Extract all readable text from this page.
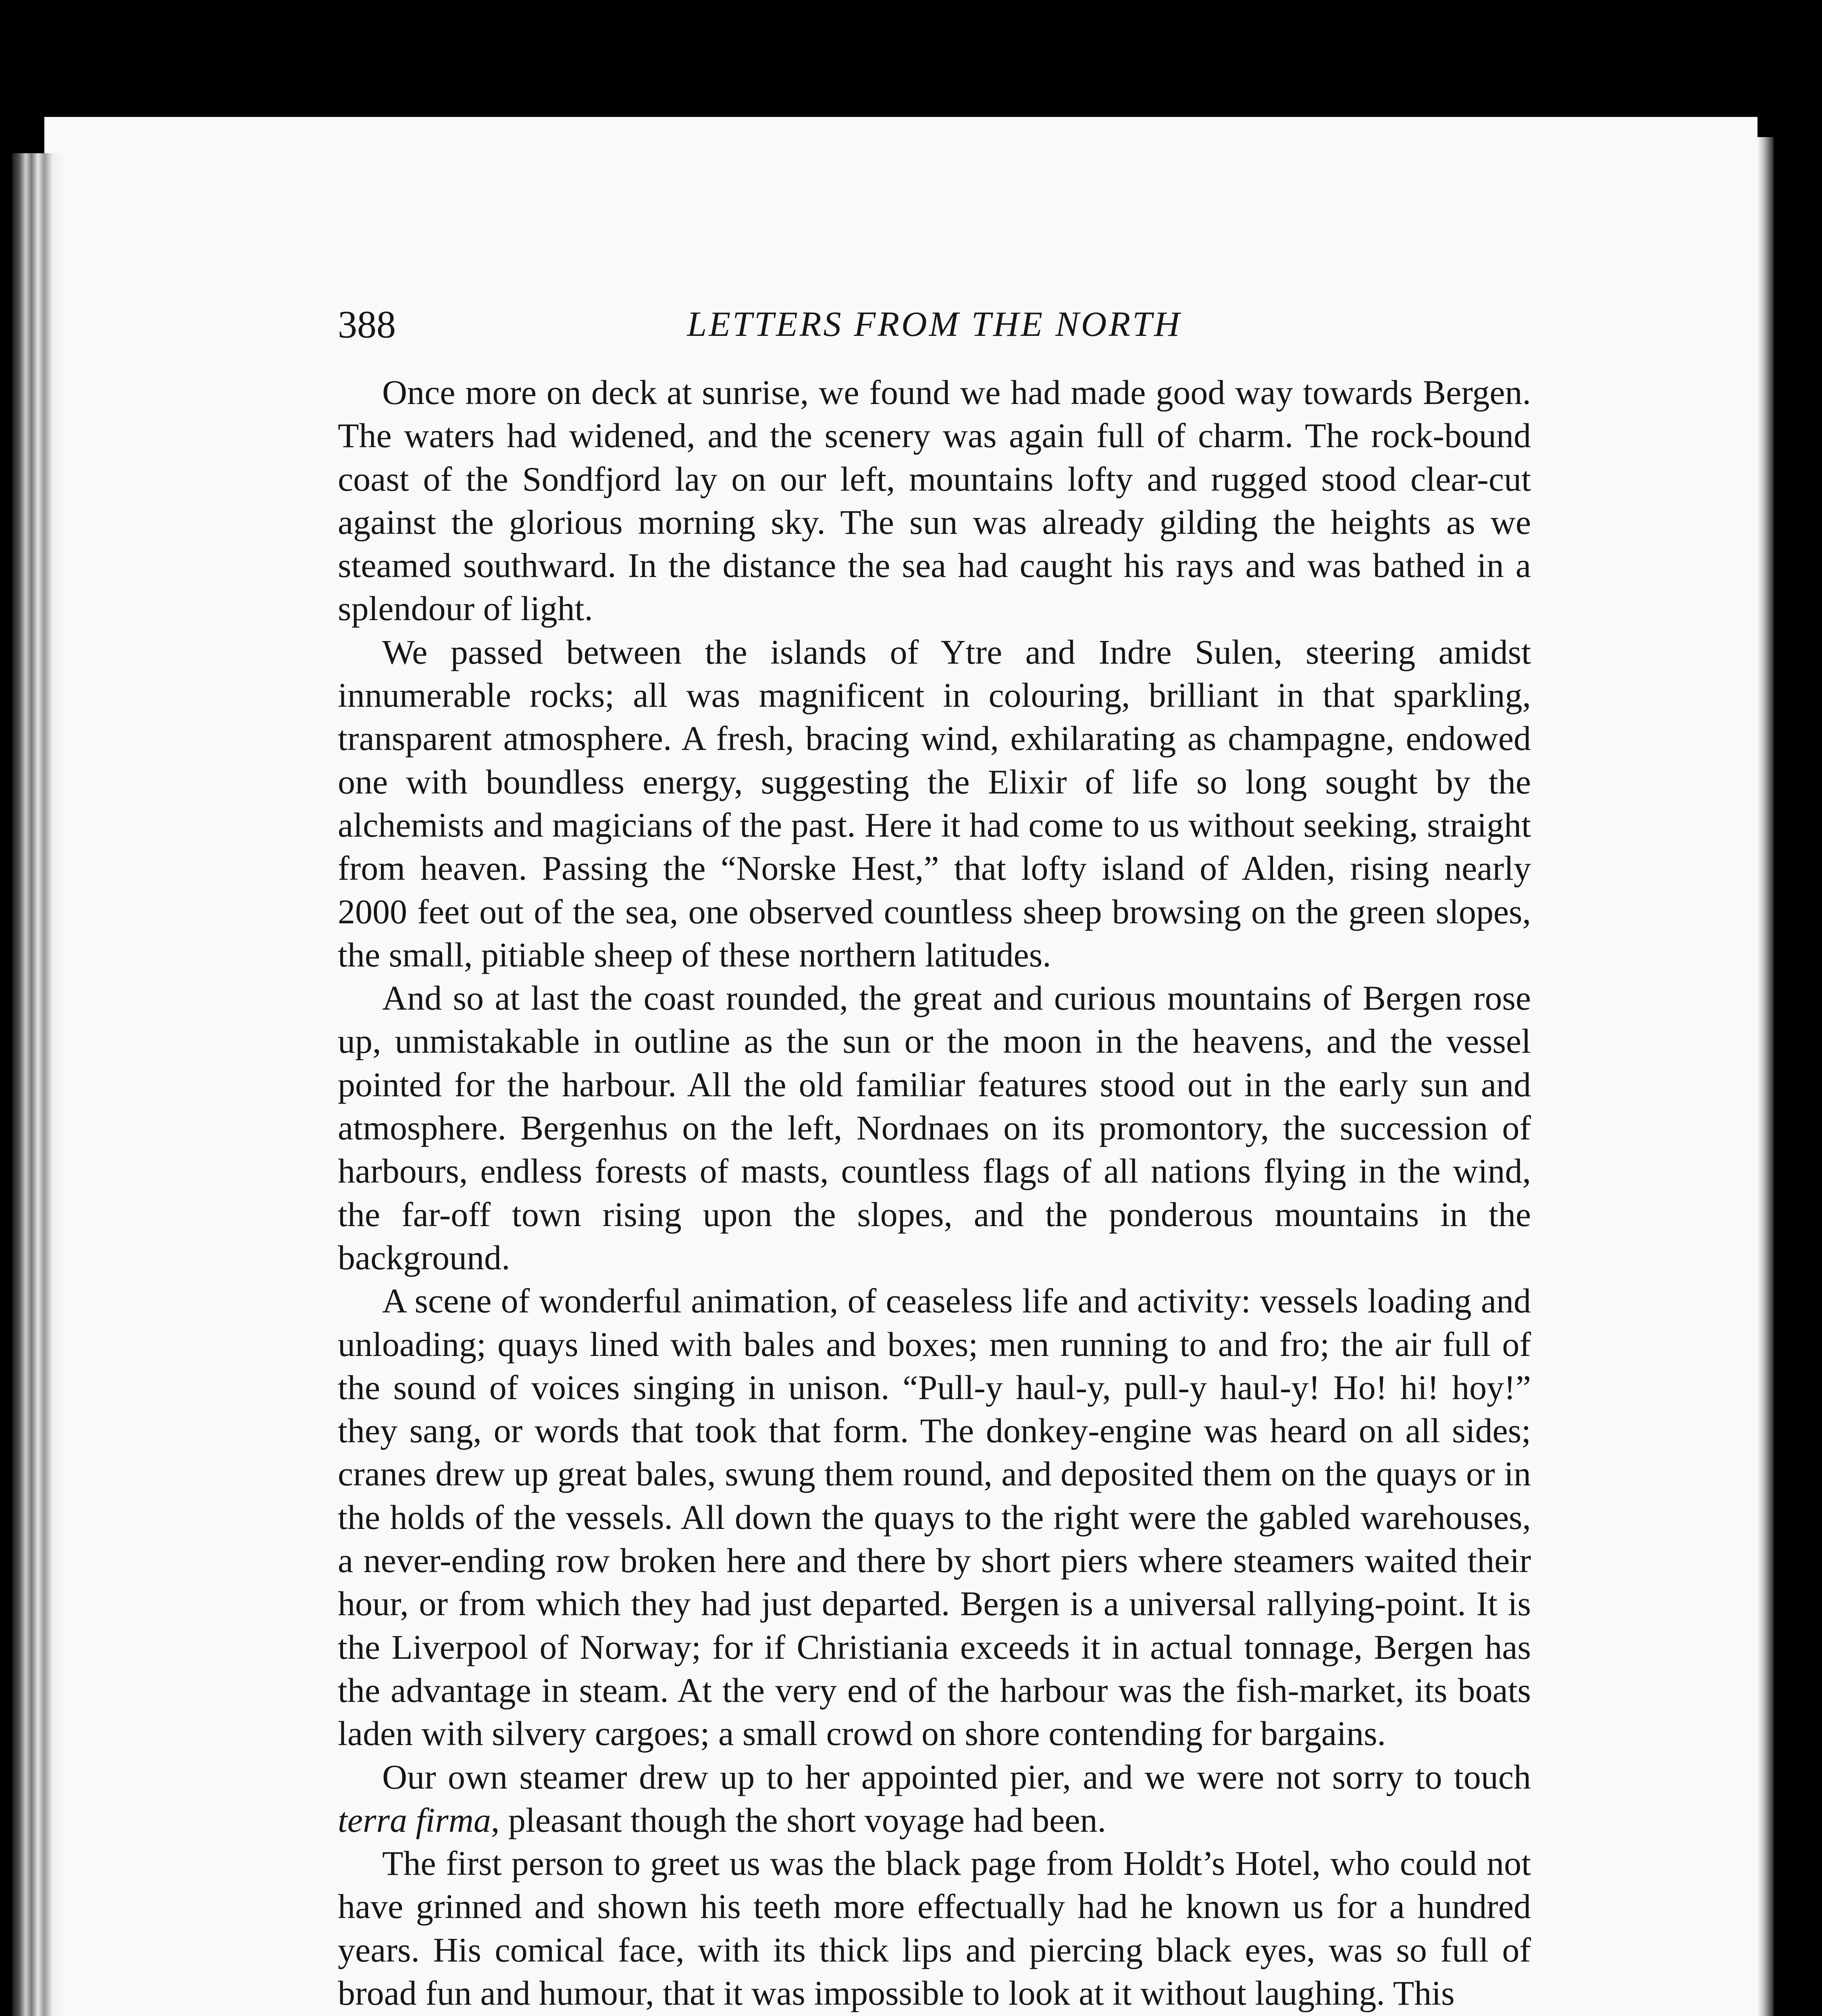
388	LETTERS FROM THE NORTH

Once more on deck at sunrise, we found we had made good way towards Bergen. The waters had widened, and the scenery was again full of charm. The rock-bound coast of the Sondfjord lay on our left, mountains lofty and rugged stood clear-cut against the glorious morning sky. The sun was already gilding the heights as we steamed southward. In the distance the sea had caught his rays and was bathed in a splendour of light.

We passed between the islands of Ytre and Indre Sulen, steering amidst innumerable rocks; all was magnificent in colouring, brilliant in that sparkling, transparent atmosphere. A fresh, bracing wind, exhilarating as champagne, endowed one with boundless energy, suggesting the Elixir of life so long sought by the alchemists and magicians of the past. Here it had come to us without seeking, straight from heaven. Passing the “Norske Hest,” that lofty island of Alden, rising nearly 2000 feet out of the sea, one observed countless sheep browsing on the green slopes, the small, pitiable sheep of these northern latitudes.

And so at last the coast rounded, the great and curious mountains of Bergen rose up, unmistakable in outline as the sun or the moon in the heavens, and the vessel pointed for the harbour. All the old familiar features stood out in the early sun and atmosphere. Bergenhus on the left, Nordnaes on its promontory, the succession of harbours, endless forests of masts, countless flags of all nations flying in the wind, the far-off town rising upon the slopes, and the ponderous mountains in the background.

A scene of wonderful animation, of ceaseless life and activity: vessels loading and unloading; quays lined with bales and boxes; men running to and fro; the air full of the sound of voices singing in unison. “Pull-y haul-y, pull-y haul-y! Ho! hi! hoy!” they sang, or words that took that form. The donkey-engine was heard on all sides; cranes drew up great bales, swung them round, and deposited them on the quays or in the holds of the vessels. All down the quays to the right were the gabled warehouses, a never-ending row broken here and there by short piers where steamers waited their hour, or from which they had just departed. Bergen is a universal rallying-point. It is the Liverpool of Norway; for if Christiania exceeds it in actual tonnage, Bergen has the advantage in steam. At the very end of the harbour was the fish-market, its boats laden with silvery cargoes; a small crowd on shore contending for bargains.

Our own steamer drew up to her appointed pier, and we were not sorry to touch terra firma, pleasant though the short voyage had been.

The first person to greet us was the black page from Holdt’s Hotel, who could not have grinned and shown his teeth more effectually had he known us for a hundred years. His comical face, with its thick lips and piercing black eyes, was so full of broad fun and humour, that it was impossible to look at it without laughing. This
